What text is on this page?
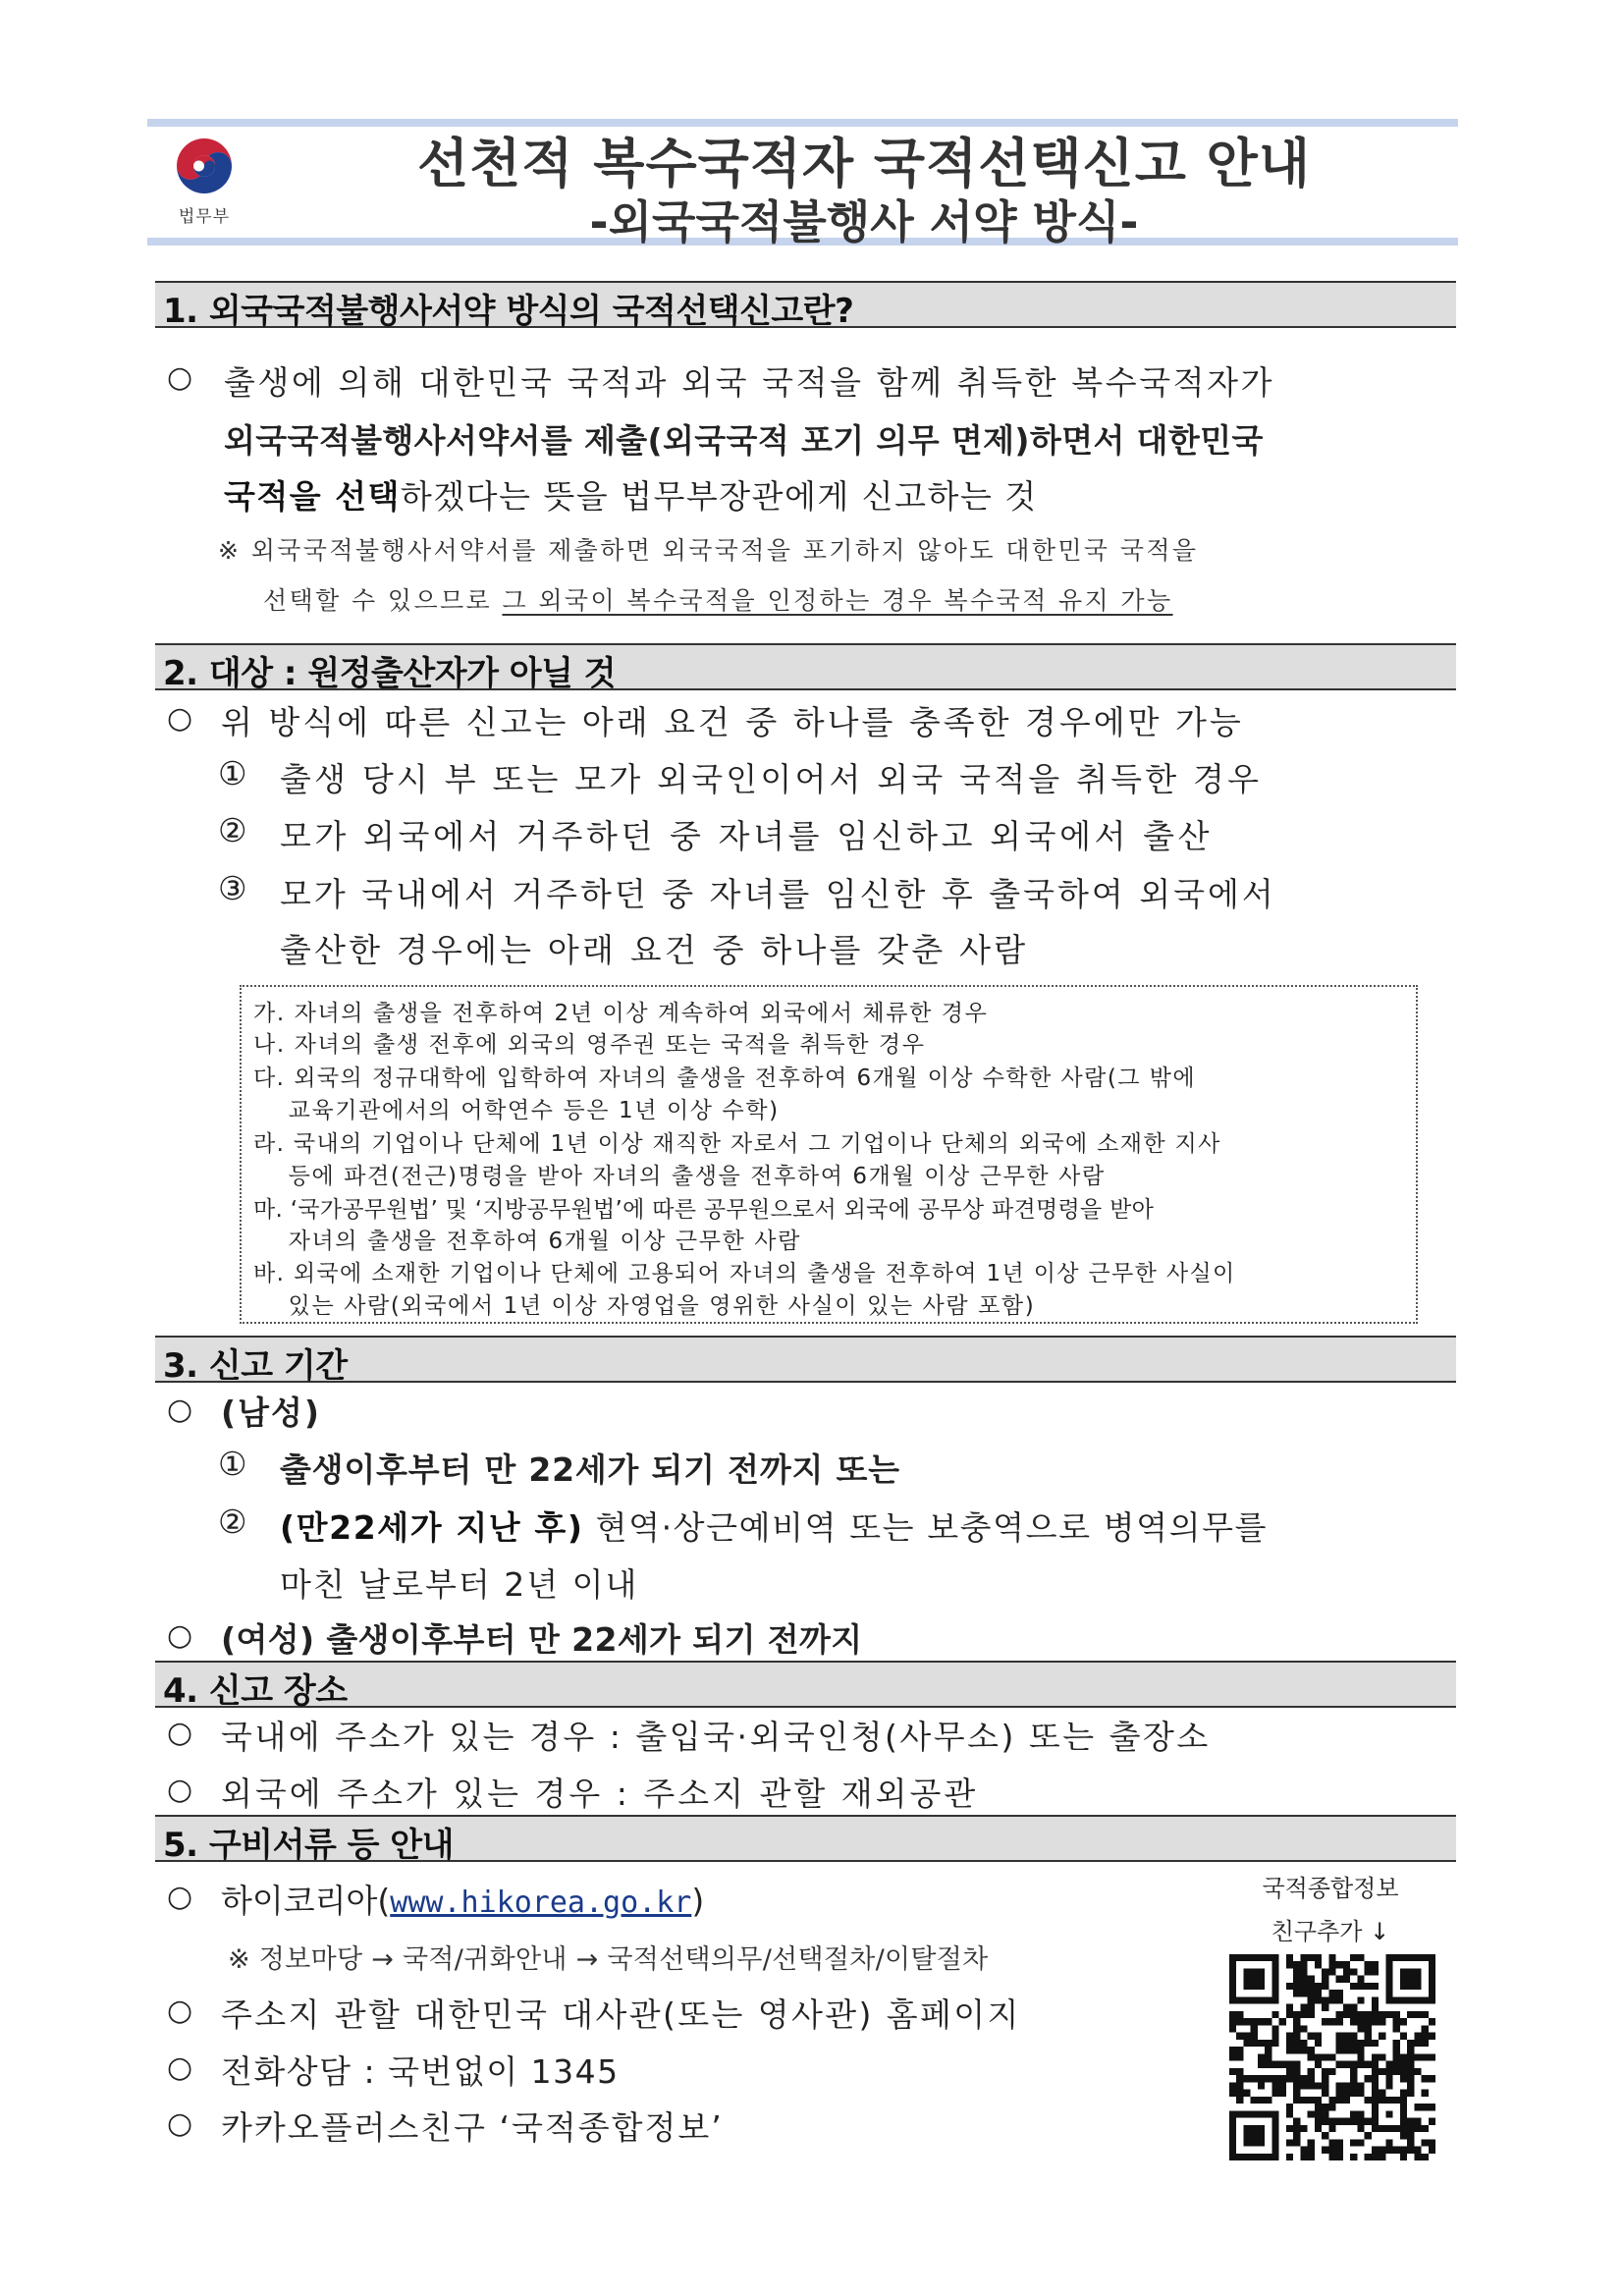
법무부
선천적 복수국적자 국적선택신고 안내
-외국국적불행사 서약 방식-
1. 외국국적불행사서약 방식의 국적선택신고란?
○ 출생에 의해 대한민국 국적과 외국 국적을 함께 취득한 복수국적자가
외국국적불행사서약서를 제출(외국국적 포기 의무 면제)하면서 대한민국
국적을 선택하겠다는 뜻을 법무부장관에게 신고하는 것
※ 외국국적불행사서약서를 제출하면 외국국적을 포기하지 않아도 대한민국 국적을
선택할 수 있으므로 그 외국이 복수국적을 인정하는 경우 복수국적 유지 가능
2. 대상 : 원정출산자가 아닐 것
○ 위 방식에 따른 신고는 아래 요건 중 하나를 충족한 경우에만 가능
① 출생 당시 부 또는 모가 외국인이어서 외국 국적을 취득한 경우
② 모가 외국에서 거주하던 중 자녀를 임신하고 외국에서 출산
③ 모가 국내에서 거주하던 중 자녀를 임신한 후 출국하여 외국에서
출산한 경우에는 아래 요건 중 하나를 갖춘 사람
가. 자녀의 출생을 전후하여 2년 이상 계속하여 외국에서 체류한 경우
나. 자녀의 출생 전후에 외국의 영주권 또는 국적을 취득한 경우
다. 외국의 정규대학에 입학하여 자녀의 출생을 전후하여 6개월 이상 수학한 사람(그 밖에
교육기관에서의 어학연수 등은 1년 이상 수학)
라. 국내의 기업이나 단체에 1년 이상 재직한 자로서 그 기업이나 단체의 외국에 소재한 지사
등에 파견(전근)명령을 받아 자녀의 출생을 전후하여 6개월 이상 근무한 사람
마. ‘국가공무원법’ 및 ‘지방공무원법’에 따른 공무원으로서 외국에 공무상 파견명령을 받아
자녀의 출생을 전후하여 6개월 이상 근무한 사람
바. 외국에 소재한 기업이나 단체에 고용되어 자녀의 출생을 전후하여 1년 이상 근무한 사실이
있는 사람(외국에서 1년 이상 자영업을 영위한 사실이 있는 사람 포함)
3. 신고 기간
○ (남성)
① 출생이후부터 만 22세가 되기 전까지 또는
② (만22세가 지난 후) 현역·상근예비역 또는 보충역으로 병역의무를
마친 날로부터 2년 이내
○ (여성) 출생이후부터 만 22세가 되기 전까지
4. 신고 장소
○ 국내에 주소가 있는 경우 : 출입국·외국인청(사무소) 또는 출장소
○ 외국에 주소가 있는 경우 : 주소지 관할 재외공관
5. 구비서류 등 안내
○ 하이코리아(www.hikorea.go.kr)
※ 정보마당 → 국적/귀화안내 → 국적선택의무/선택절차/이탈절차
○ 주소지 관할 대한민국 대사관(또는 영사관) 홈페이지
○ 전화상담 : 국번없이 1345
○ 카카오플러스친구 ‘국적종합정보’
국적종합정보
친구추가 ↓
